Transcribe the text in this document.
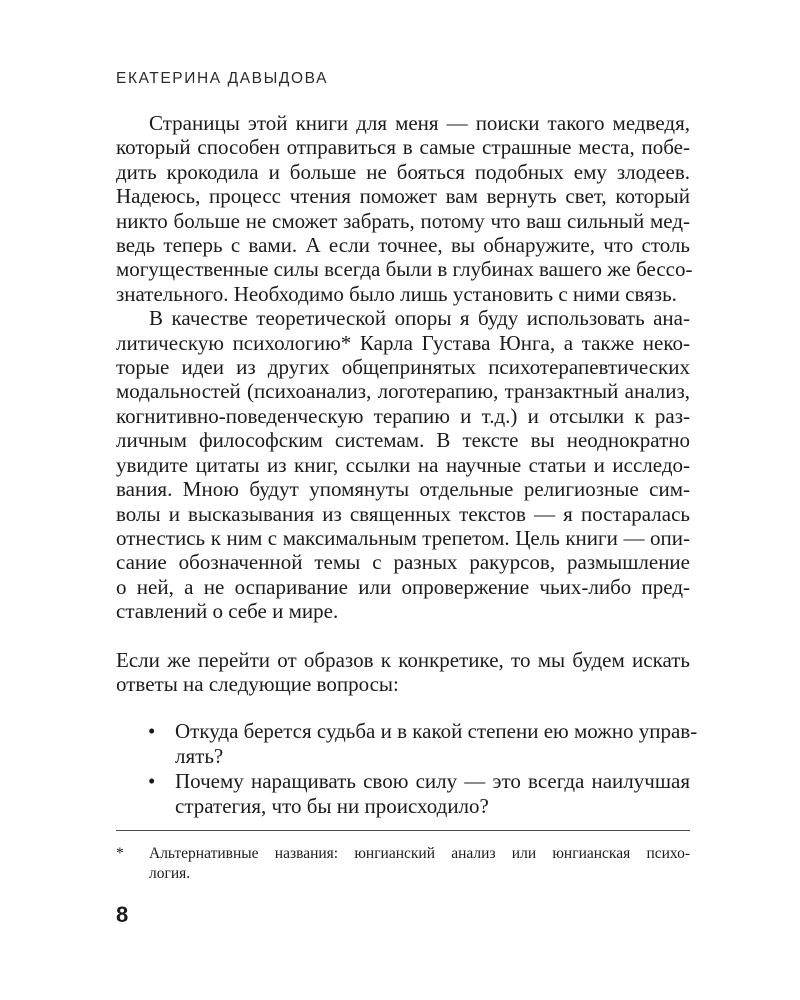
ЕКАТЕРИНА ДАВЫДОВА
Страницы этой книги для меня — поиски такого медведя,
который способен отправиться в самые страшные места, побе-
дить крокодила и больше не бояться подобных ему злодеев.
Надеюсь, процесс чтения поможет вам вернуть свет, который
никто больше не сможет забрать, потому что ваш сильный мед-
ведь теперь с вами. А если точнее, вы обнаружите, что столь
могущественные силы всегда были в глубинах вашего же бессо-
знательного. Необходимо было лишь установить с ними связь.
В качестве теоретической опоры я буду использовать ана-
литическую психологию* Карла Густава Юнга, а также неко-
торые идеи из других общепринятых психотерапевтических
модальностей (психоанализ, логотерапию, транзактный анализ,
когнитивно-поведенческую терапию и т.д.) и отсылки к раз-
личным философским системам. В тексте вы неоднократно
увидите цитаты из книг, ссылки на научные статьи и исследо-
вания. Мною будут упомянуты отдельные религиозные сим-
волы и высказывания из священных текстов — я постаралась
отнестись к ним с максимальным трепетом. Цель книги — опи-
сание обозначенной темы с разных ракурсов, размышление
о ней, а не оспаривание или опровержение чьих-либо пред-
ставлений о себе и мире.
Если же перейти от образов к конкретике, то мы будем искать
ответы на следующие вопросы:
• Откуда берется судьба и в какой степени ею можно управ-
лять?
• Почему наращивать свою силу — это всегда наилучшая
стратегия, что бы ни происходило?
* Альтернативные названия: юнгианский анализ или юнгианская психо-
логия.
8
